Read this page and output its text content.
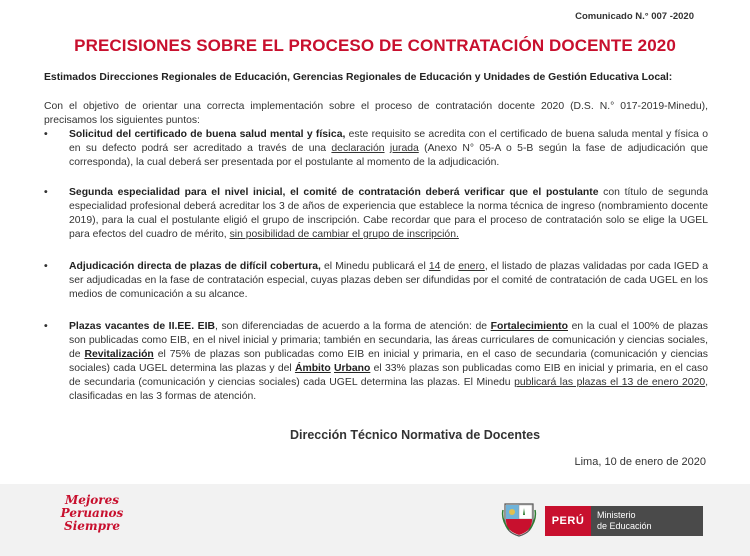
Comunicado N.° 007 -2020
PRECISIONES SOBRE EL PROCESO DE CONTRATACIÓN DOCENTE 2020
Estimados Direcciones Regionales de Educación, Gerencias Regionales de Educación y Unidades de Gestión Educativa Local:
Con el objetivo de orientar una correcta implementación sobre el proceso de contratación docente 2020 (D.S. N.° 017-2019-Minedu), precisamos los siguientes puntos:
• Solicitud del certificado de buena salud mental y física, este requisito se acredita con el certificado de buena saluda mental y física o en su defecto podrá ser acreditado a través de una declaración jurada (Anexo N° 05-A o 5-B según la fase de adjudicación que corresponda), la cual deberá ser presentada por el postulante al momento de la adjudicación.
• Segunda especialidad para el nivel inicial, el comité de contratación deberá verificar que el postulante con título de segunda especialidad profesional deberá acreditar los 3 de años de experiencia que establece la norma técnica de ingreso (nombramiento docente 2019), para la cual el postulante eligió el grupo de inscripción. Cabe recordar que para el proceso de contratación solo se elige la UGEL para efectos del cuadro de mérito, sin posibilidad de cambiar el grupo de inscripción.
• Adjudicación directa de plazas de difícil cobertura, el Minedu publicará el 14 de enero, el listado de plazas validadas por cada IGED a ser adjudicadas en la fase de contratación especial, cuyas plazas deben ser difundidas por el comité de contratación de cada UGEL en los medios de comunicación a su alcance.
• Plazas vacantes de II.EE. EIB, son diferenciadas de acuerdo a la forma de atención: de Fortalecimiento en la cual el 100% de plazas son publicadas como EIB, en el nivel inicial y primaria; también en secundaria, las áreas curriculares de comunicación y ciencias sociales, de Revitalización el 75% de plazas son publicadas como EIB en inicial y primaria, en el caso de secundaria (comunicación y ciencias sociales) cada UGEL determina las plazas y del Ámbito Urbano el 33% plazas son publicadas como EIB en inicial y primaria, en el caso de secundaria (comunicación y ciencias sociales) cada UGEL determina las plazas. El Minedu publicará las plazas el 13 de enero 2020, clasificadas en las 3 formas de atención.
Dirección Técnico Normativa de Docentes
Lima, 10 de enero de 2020
Mejores
Peruanos
Siempre	PERÚ	Ministerio
de Educación
